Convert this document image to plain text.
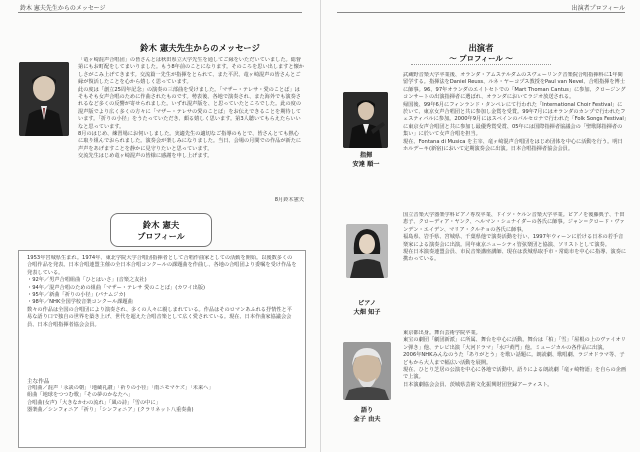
鈴木 憲夫先生からのメッセージ
鈴木 憲夫先生からのメッセージ
「竜ヶ崎混声合唱団」の皆さんとは秋田県立大学先生を通してご縁をいただいていました。総督第にもお町配をしてまいりました。もう8年前のことになります。そのころを思い出しますと懐かしさがこみ上げてきます。交流篇一先生が指揮をとられて、また平沢、竜ヶ崎混声の皆さんとご縁が復活したことを心から嬉しく思っています。
此の度は「創立25周年記念」の演奏の三部曲を受けました。「マザー・テレサ・愛のことば」はそもそも女声合唱のために作曲されたものです。勢表後、各地で演奏され、また海外でも演奏されるなど多くの反響が寄せられました。いずれ混声版を、と思っていたところでした。此の度の混声版でより広く多くの方々に「マザー・テレサの愛のことば」をお伝えできることを期待しています。「折りの小径」をうたっていただき、頗る嬉しく思います。第3人聴いてもらえたらいいなと思っています。
8月のはじめ、練習場にお伺いしました。実適先生の適切なご指導のもとで、皆さんとても熱心に取り組んでおられました。演奏会が楽しみになりました。当日、会場の月間での作品が新たに声声をあげますことを静かに見守りたいと思っています。
交流先生はじめ竜ヶ崎混声の皆様に感謝を申し上げます。
8月鈴木憲夫
鈴木 憲夫
プロフィール
1953年宮城県生まれ。1974年、東北学院大学合唱団指揮者として合唱作曲家としての活動を開始。以後数多くの合唱作品を発表。日本合唱連盟主催の全日本合唱コンクールの課題曲を作曲し、各地の合唱団より委嘱を受け作品を発表している。
・92年／男声合唱組曲「ひとはいさ」(音楽之友社)
・94年／混声合唱のための組曲「マザー・テレサ 愛のことば」(カワイ出版)
・95年／新曲「祈りの小径」(パナムジカ)
・98年／NHK全国学校音楽コンクール課題曲
数々の作品は全国の合唱団により演奏され、多くの人々に親しまれている。作品はそのロマンあふれる抒情性と平易な語り口で独自の世界を築き上げ、世代を超えた合唱音楽として広く愛されている。現在、日本作曲家協議会会員、日本合唱指揮者協会会員。
主な作品
合唱曲／混声「永訣の朝」「地蔵礼讃」「祈りの小径」「雨ニモマケズ」「未来へ」
組曲「地球をつつむ歌」「その夢のかなたへ」
合唱曲(女声)「大きなかわの流れ」「風の詩」「雪の中に」
器楽曲／シンフォニア「祈り」「シンフォニア」(クラリネット八重奏曲)
出演者プロフィール
出演者
～ プロフィール ～
指揮
安達 順一
武蔵野音楽大学卒業後、オランダ・アムステルダムのスヴェーリンク音楽院合唱指揮科に1年間留学する。指揮法をDaniel Reuss、ルネ・ヤーコプス教授をPaul van Nevel、合唱指揮を博士に師事。96、97年オランダのエイトセトでの「Mart Thoman Cantus」に参加、クロージングコンサートの出演指揮者に選ばれ、オランダにおいてラジオ放送される。
帰国後、99年6月にフィンランド・タンペレにて行われた「International Choir Festival」に於いて、東京女声合唱団と共に参加し金賞を受賞。99年7月にはオランダのカンプで行われたフェスティバルに参加。2000年9月にはスペインのバルセロナで行われた「Folk Songs Festival」に東京女声合唱団と共に参加し最優秀賞受賞、05年には国際指揮者協議会の「聖歌隊指揮者の集い」に於いて女声合唱を担当。
現在、Fontana di Musica を主宰、竜ヶ崎混声合唱団をはじめ団体を中心に活動を行う。明日ホルデーキ(新宿)において定期演奏会に出演。日本合唱指揮者協会会員。
ピアノ
大畑 知子
国立音楽大学器楽学科ピアノ専攻卒業、ドイツ・ケルン音楽大学卒業。ピアノを後藤典子、千田恵子、クローディア・ヤンク、ヘルマン・シュナイダーの各氏に師事。ジャン＝クロード・ヴァンデン・エイデン、マリア・クルチョの各氏に師事。
福島県、岩手県、宮城県、千葉県他で演奏活動を行い、1997年ウィーンに於ける日本の若手音楽家による演奏会に出演。同年東京ニューシティ管弦楽団と協演、ソリストとして演奏。
現在日本演奏連盟会員、市民音楽講座講師、現在は茨城県取手市・常総市を中心に指導、演奏に携わっている。
語り
金子 由夫
東京都出身。舞台芸術学院卒業。
東宝の劇団「劇団新派」に所属、舞台を中心に活動。舞台は「柏」「雪」「屋根の上のヴァイオリン弾き」他、テレビ出演「大河ドラマ」「水戸黄門」他。ミュージカルの各作品に出演。
2006年NHKみんなのうた「ありがとう」を歌い話題に。朗読劇、歌唱劇、ラジオドラマ等、子どもから大人まで幅広い活動を展開。
現在、ひとり芝居の公演を中心に各地で活動中。語りによる朗読劇「竜ヶ崎物語」を自らの企画で上演。
日本演劇協会会員、茨城県芸術文化振興財団登録アーティスト。
